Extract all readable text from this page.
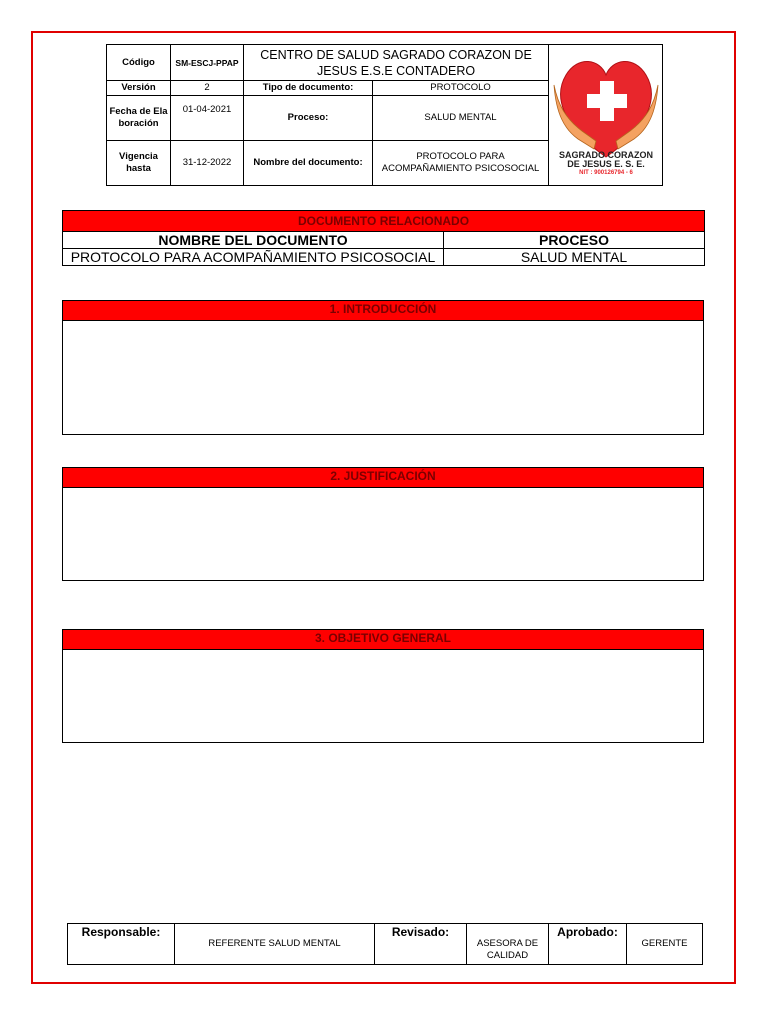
Código	SM-ESCJ-PPAP	CENTRO DE SALUD SAGRADO CORAZON DE JESUS E.S.E CONTADERO		SAGRADO CORAZON
DE JESUS E. S. E.
NIT : 900126794 - 6

Versión	2	Tipo de documento:	PROTOCOLO	
Fecha de Elaboración	01-04-2021	Proceso:	SALUD MENTAL	
Vigencia hasta	31-12-2022	Nombre del documento:	PROTOCOLO PARA ACOMPAÑAMIENTO PSICOSOCIAL	
DOCUMENTO RELACIONADO	
NOMBRE DEL DOCUMENTO	PROCESO
PROTOCOLO PARA ACOMPAÑAMIENTO PSICOSOCIAL	SALUD MENTAL
1. INTRODUCCIÓN
2. JUSTIFICACIÓN
3. OBJETIVO GENERAL
Responsable:	REFERENTE SALUD MENTAL	Revisado:	ASESORA DE CALIDAD	Aprobado:	GERENTE
